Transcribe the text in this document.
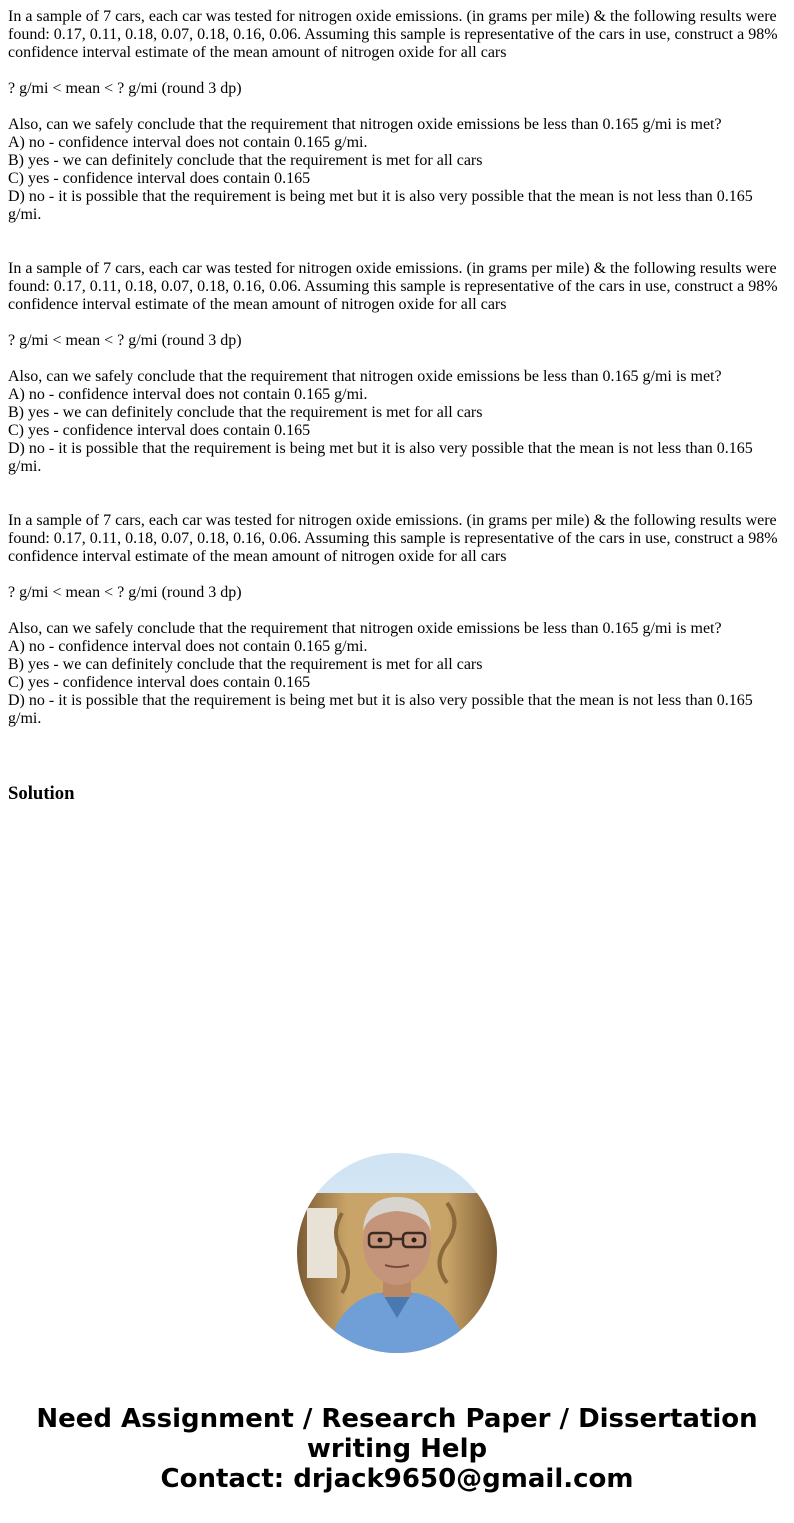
In a sample of 7 cars, each car was tested for nitrogen oxide emissions. (in grams per mile) & the following results were found: 0.17, 0.11, 0.18, 0.07, 0.18, 0.16, 0.06. Assuming this sample is representative of the cars in use, construct a 98% confidence interval estimate of the mean amount of nitrogen oxide for all cars

? g/mi < mean < ? g/mi (round 3 dp)

Also, can we safely conclude that the requirement that nitrogen oxide emissions be less than 0.165 g/mi is met?

A) no - confidence interval does not contain 0.165 g/mi.

B) yes - we can definitely conclude that the requirement is met for all cars

C) yes - confidence interval does contain 0.165

D) no - it is possible that the requirement is being met but it is also very possible that the mean is not less than 0.165 g/mi.

In a sample of 7 cars, each car was tested for nitrogen oxide emissions. (in grams per mile) & the following results were found: 0.17, 0.11, 0.18, 0.07, 0.18, 0.16, 0.06. Assuming this sample is representative of the cars in use, construct a 98% confidence interval estimate of the mean amount of nitrogen oxide for all cars

? g/mi < mean < ? g/mi (round 3 dp)

Also, can we safely conclude that the requirement that nitrogen oxide emissions be less than 0.165 g/mi is met?

A) no - confidence interval does not contain 0.165 g/mi.

B) yes - we can definitely conclude that the requirement is met for all cars

C) yes - confidence interval does contain 0.165

D) no - it is possible that the requirement is being met but it is also very possible that the mean is not less than 0.165 g/mi.

In a sample of 7 cars, each car was tested for nitrogen oxide emissions. (in grams per mile) & the following results were found: 0.17, 0.11, 0.18, 0.07, 0.18, 0.16, 0.06. Assuming this sample is representative of the cars in use, construct a 98% confidence interval estimate of the mean amount of nitrogen oxide for all cars

? g/mi < mean < ? g/mi (round 3 dp)

Also, can we safely conclude that the requirement that nitrogen oxide emissions be less than 0.165 g/mi is met?

A) no - confidence interval does not contain 0.165 g/mi.

B) yes - we can definitely conclude that the requirement is met for all cars

C) yes - confidence interval does contain 0.165

D) no - it is possible that the requirement is being met but it is also very possible that the mean is not less than 0.165 g/mi.

Solution
Need Assignment / Research Paper / Dissertation
writing Help
Contact: drjack9650@gmail.com
